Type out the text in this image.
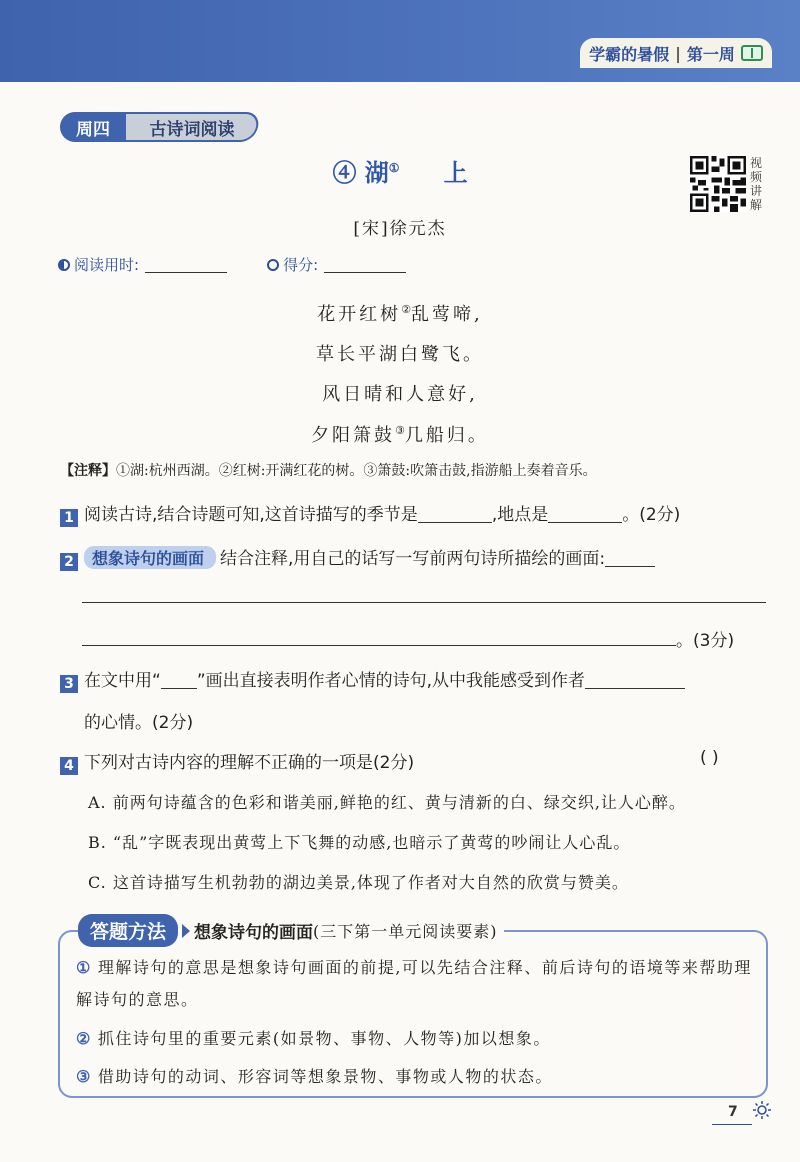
学霸的暑假 | 第一周
周四	古诗词阅读
④ 湖① 上	视频讲解
[宋]徐元杰
阅读用时:	得分:
花开红树②乱莺啼,
草长平湖白鹭飞。
风日晴和人意好,
夕阳箫鼓③几船归。
【注释】①湖:杭州西湖。②红树:开满红花的树。③箫鼓:吹箫击鼓,指游船上奏着音乐。
1 阅读古诗,结合诗题可知,这首诗描写的季节是	,地点是	。(2分)
2 想象诗句的画面 结合注释,用自己的话写一写前两句诗所描绘的画面:
。(3分)
3 在文中用“ ”画出直接表明作者心情的诗句,从中我能感受到作者
的心情。(2分)
4 下列对古诗内容的理解不正确的一项是(2分)	( )
A. 前两句诗蕴含的色彩和谐美丽,鲜艳的红、黄与清新的白、绿交织,让人心醉。
B. “乱”字既表现出黄莺上下飞舞的动感,也暗示了黄莺的吵闹让人心乱。
C. 这首诗描写生机勃勃的湖边美景,体现了作者对大自然的欣赏与赞美。
答题方法	想象诗句的画面 (三下第一单元阅读要素)
① 理解诗句的意思是想象诗句画面的前提,可以先结合注释、前后诗句的语境等来帮助理解诗句的意思。
② 抓住诗句里的重要元素(如景物、事物、人物等)加以想象。
③ 借助诗句的动词、形容词等想象景物、事物或人物的状态。
7
